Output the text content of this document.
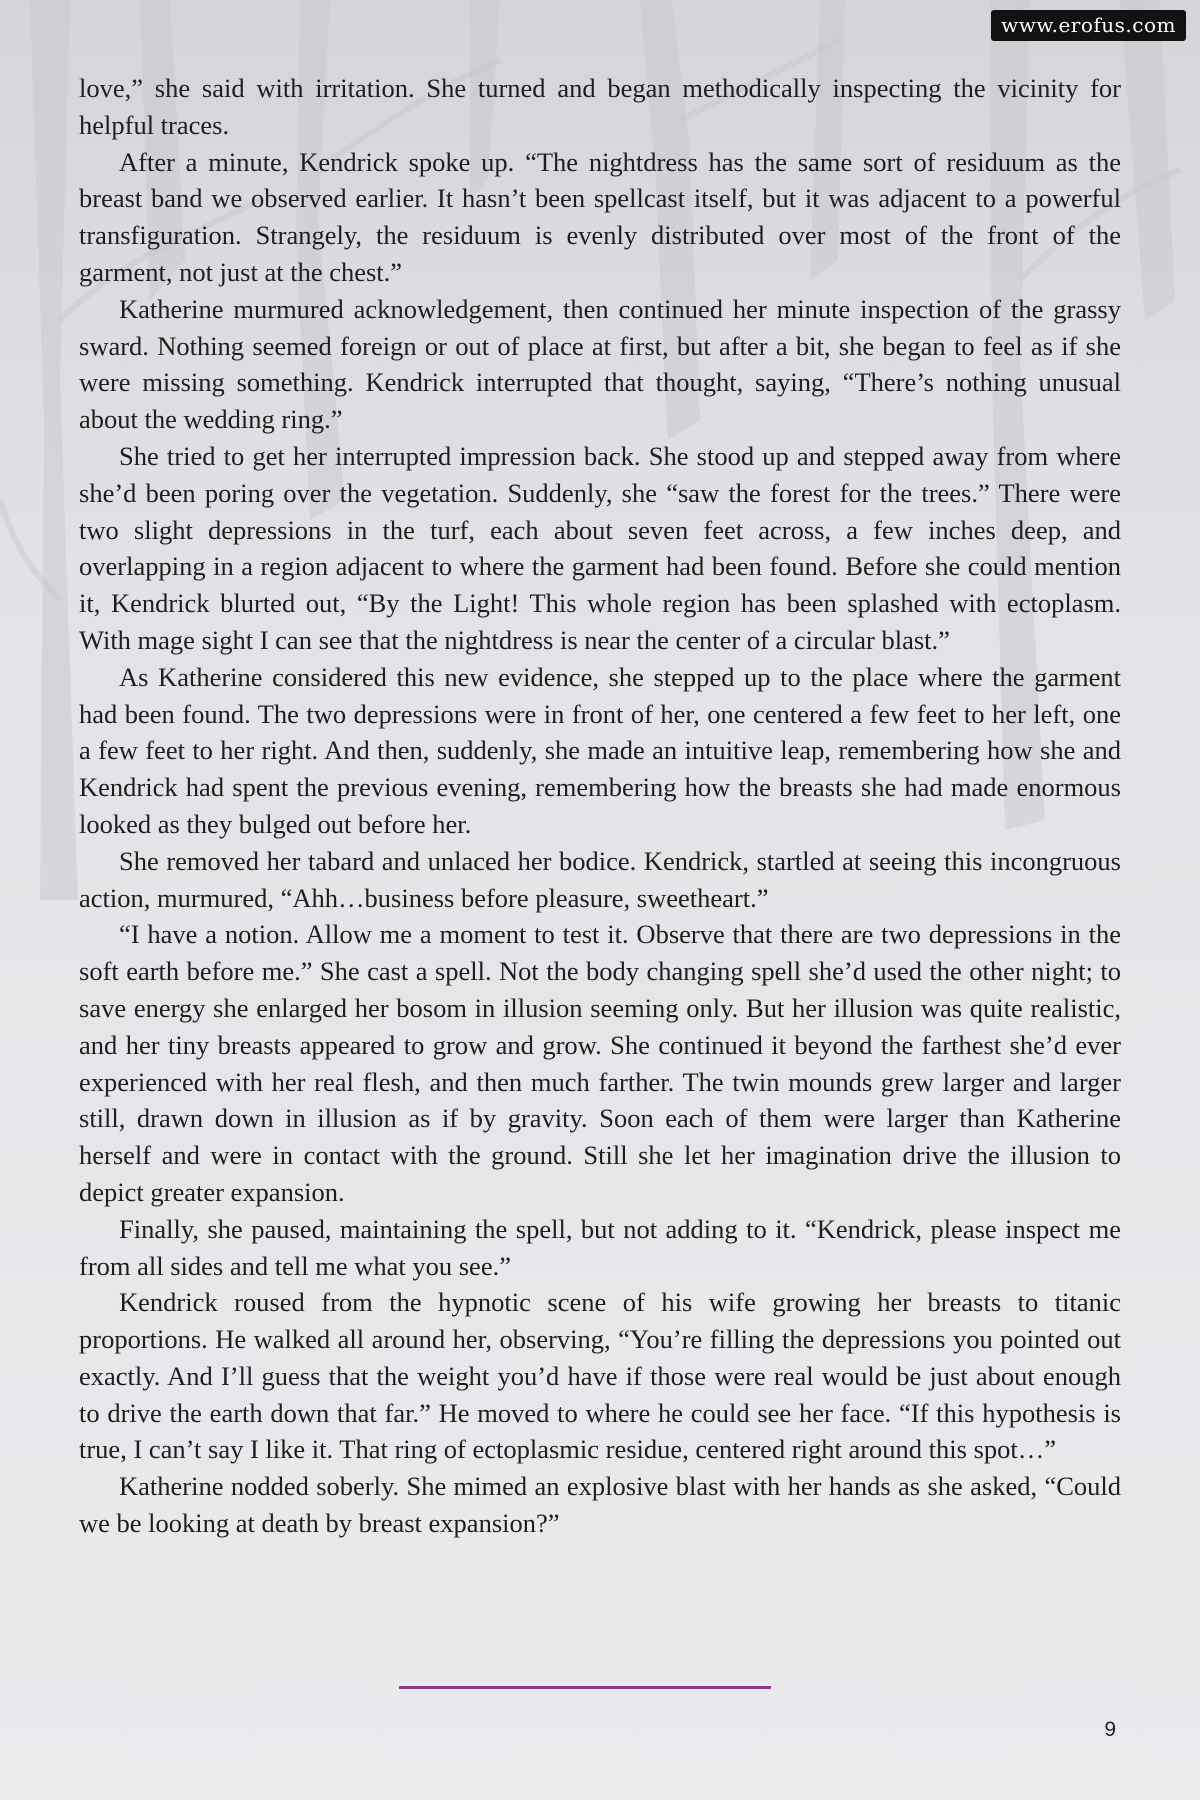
www.erofus.com

love,” she said with irritation. She turned and began methodically inspecting the vicinity for helpful traces.

After a minute, Kendrick spoke up. “The nightdress has the same sort of residuum as the breast band we observed earlier. It hasn’t been spellcast itself, but it was adjacent to a powerful transfiguration. Strangely, the residuum is evenly distributed over most of the front of the garment, not just at the chest.”

Katherine murmured acknowledgement, then continued her minute inspection of the grassy sward. Nothing seemed foreign or out of place at first, but after a bit, she began to feel as if she were missing something. Kendrick interrupted that thought, saying, “There’s nothing unusual about the wedding ring.”

She tried to get her interrupted impression back. She stood up and stepped away from where she’d been poring over the vegetation. Suddenly, she “saw the forest for the trees.” There were two slight depressions in the turf, each about seven feet across, a few inches deep, and overlapping in a region adjacent to where the garment had been found. Before she could mention it, Kendrick blurted out, “By the Light! This whole region has been splashed with ectoplasm. With mage sight I can see that the nightdress is near the center of a circular blast.”

As Katherine considered this new evidence, she stepped up to the place where the garment had been found. The two depressions were in front of her, one centered a few feet to her left, one a few feet to her right. And then, suddenly, she made an intuitive leap, remembering how she and Kendrick had spent the previous evening, remembering how the breasts she had made enormous looked as they bulged out before her.

She removed her tabard and unlaced her bodice. Kendrick, startled at seeing this incongruous action, murmured, “Ahh…business before pleasure, sweetheart.”

“I have a notion. Allow me a moment to test it. Observe that there are two depressions in the soft earth before me.” She cast a spell. Not the body changing spell she’d used the other night; to save energy she enlarged her bosom in illusion seeming only. But her illusion was quite realistic, and her tiny breasts appeared to grow and grow. She continued it beyond the farthest she’d ever experienced with her real flesh, and then much farther. The twin mounds grew larger and larger still, drawn down in illusion as if by gravity. Soon each of them were larger than Katherine herself and were in contact with the ground. Still she let her imagination drive the illusion to depict greater expansion.

Finally, she paused, maintaining the spell, but not adding to it. “Kendrick, please inspect me from all sides and tell me what you see.”

Kendrick roused from the hypnotic scene of his wife growing her breasts to titanic proportions. He walked all around her, observing, “You’re filling the depressions you pointed out exactly. And I’ll guess that the weight you’d have if those were real would be just about enough to drive the earth down that far.” He moved to where he could see her face. “If this hypothesis is true, I can’t say I like it. That ring of ectoplasmic residue, centered right around this spot…”

Katherine nodded soberly. She mimed an explosive blast with her hands as she asked, “Could we be looking at death by breast expansion?”

9
